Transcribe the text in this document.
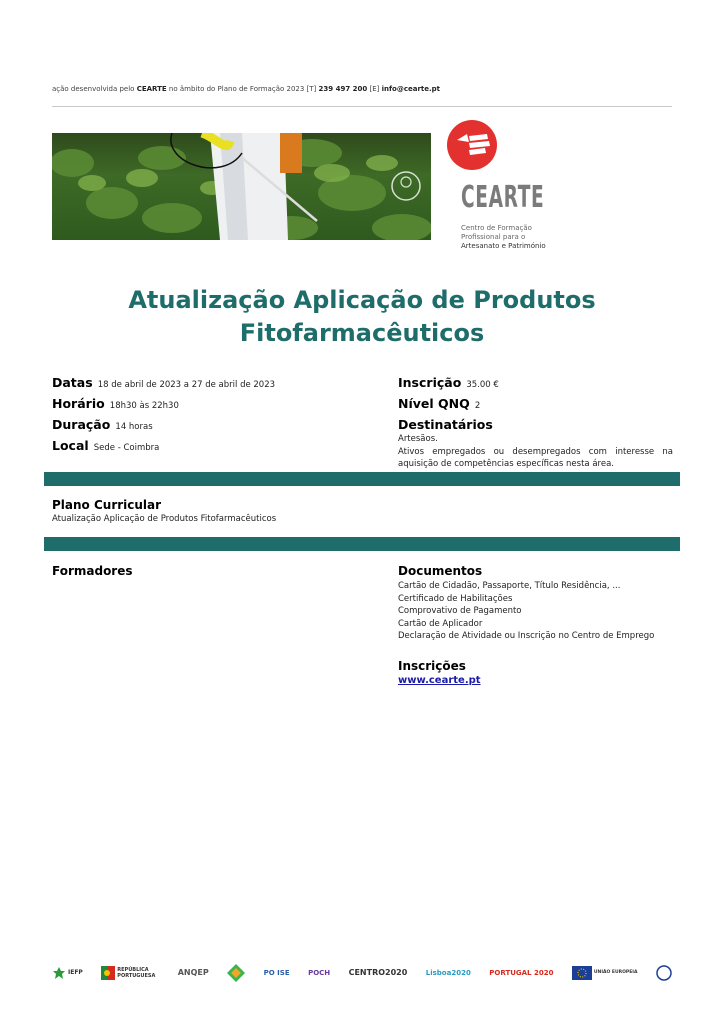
ação desenvolvida pelo CEARTE no âmbito do Plano de Formação 2023 [T] 239 497 200 [E] info@cearte.pt
CEARTE
Centro de Formação
Profissional para o
Artesanato e Património
Atualização Aplicação de Produtos
Fitofarmacêuticos
Datas 18 de abril de 2023 a 27 de abril de 2023
Horário 18h30 às 22h30
Duração 14 horas
Local Sede - Coimbra
Inscrição 35.00 €
Nível QNQ 2
Destinatários
Artesãos.
Ativos empregados ou desempregados com interesse na aquisição de competências específicas nesta área.
Plano Curricular
Atualização Aplicação de Produtos Fitofarmacêuticos
Formadores	Documentos
Cartão de Cidadão, Passaporte, Título Residência, ...
Certificado de Habilitações
Comprovativo de Pagamento
Cartão de Aplicador
Declaração de Atividade ou Inscrição no Centro de Emprego
Inscrições
www.cearte.pt
IEFP	REPÚBLICA PORTUGUESA	ANQEP	PO ISE	POCH CENTRO2020	Lisboa2020	PORTUGAL 2020	UNIÃO EUROPEIA
